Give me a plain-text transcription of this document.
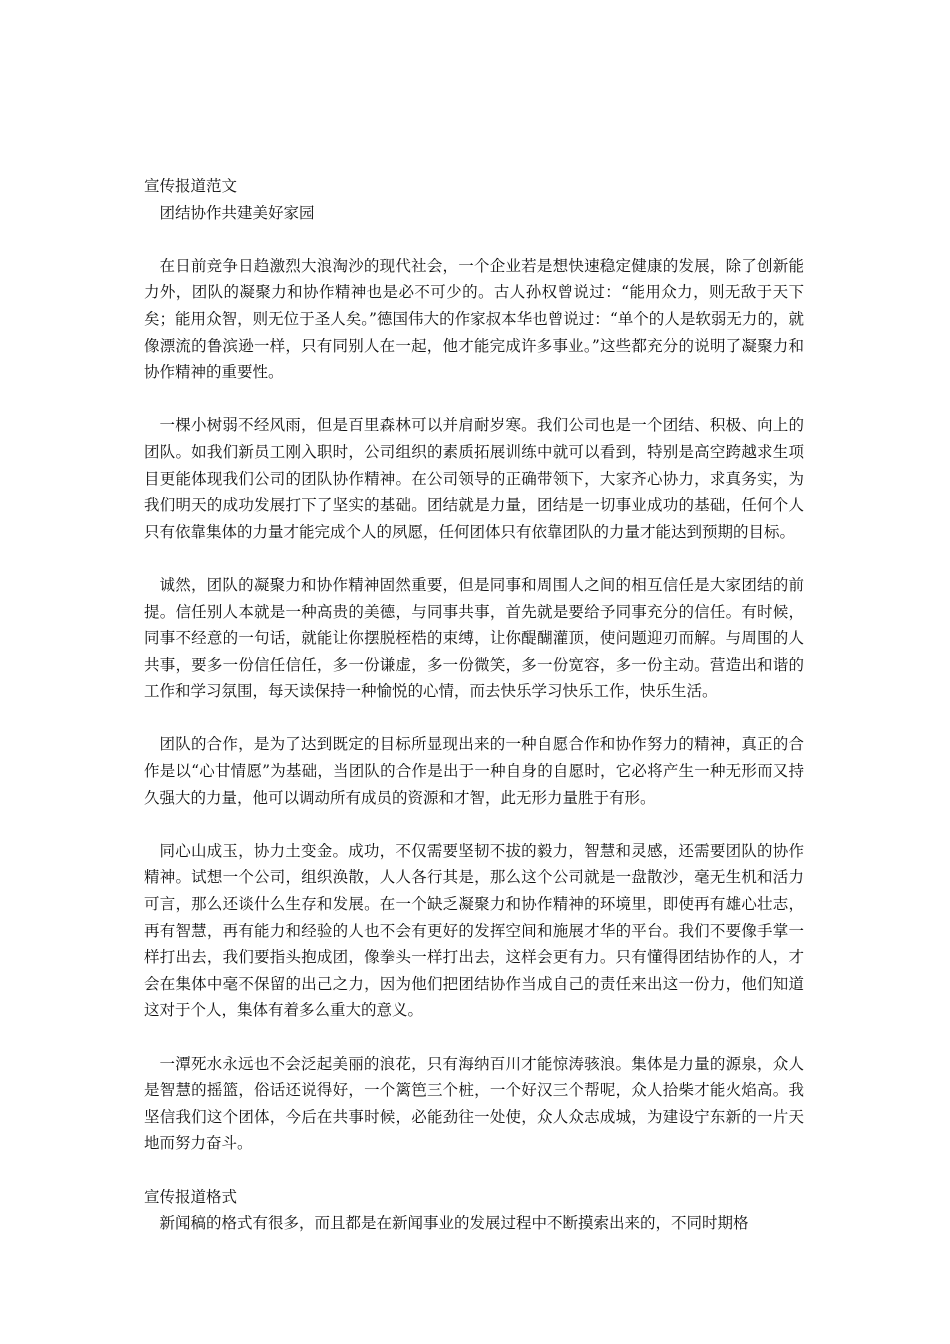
宣传报道范文
团结协作共建美好家园

在日前竞争日趋激烈大浪淘沙的现代社会，一个企业若是想快速稳定健康的发展，除了创新能力外，团队的凝聚力和协作精神也是必不可少的。古人孙权曾说过：“能用众力，则无敌于天下矣；能用众智，则无位于圣人矣。”德国伟大的作家叔本华也曾说过：“单个的人是软弱无力的，就像漂流的鲁滨逊一样，只有同别人在一起，他才能完成许多事业。”这些都充分的说明了凝聚力和协作精神的重要性。

一棵小树弱不经风雨，但是百里森林可以并肩耐岁寒。我们公司也是一个团结、积极、向上的团队。如我们新员工刚入职时，公司组织的素质拓展训练中就可以看到，特别是高空跨越求生项目更能体现我们公司的团队协作精神。在公司领导的正确带领下，大家齐心协力，求真务实，为我们明天的成功发展打下了坚实的基础。团结就是力量，团结是一切事业成功的基础，任何个人只有依靠集体的力量才能完成个人的夙愿，任何团体只有依靠团队的力量才能达到预期的目标。

诚然，团队的凝聚力和协作精神固然重要，但是同事和周围人之间的相互信任是大家团结的前提。信任别人本就是一种高贵的美德，与同事共事，首先就是要给予同事充分的信任。有时候，同事不经意的一句话，就能让你摆脱桎梏的束缚，让你醍醐灌顶，使问题迎刃而解。与周围的人共事，要多一份信任信任，多一份谦虚，多一份微笑，多一份宽容，多一份主动。营造出和谐的工作和学习氛围，每天读保持一种愉悦的心情，而去快乐学习快乐工作，快乐生活。

团队的合作，是为了达到既定的目标所显现出来的一种自愿合作和协作努力的精神，真正的合作是以“心甘情愿”为基础，当团队的合作是出于一种自身的自愿时，它必将产生一种无形而又持久强大的力量，他可以调动所有成员的资源和才智，此无形力量胜于有形。

同心山成玉，协力土变金。成功，不仅需要坚韧不拔的毅力，智慧和灵感，还需要团队的协作精神。试想一个公司，组织涣散，人人各行其是，那么这个公司就是一盘散沙，毫无生机和活力可言，那么还谈什么生存和发展。在一个缺乏凝聚力和协作精神的环境里，即使再有雄心壮志，再有智慧，再有能力和经验的人也不会有更好的发挥空间和施展才华的平台。我们不要像手掌一样打出去，我们要指头抱成团，像拳头一样打出去，这样会更有力。只有懂得团结协作的人，才会在集体中毫不保留的出己之力，因为他们把团结协作当成自己的责任来出这一份力，他们知道这对于个人，集体有着多么重大的意义。

一潭死水永远也不会泛起美丽的浪花，只有海纳百川才能惊涛骇浪。集体是力量的源泉，众人是智慧的摇篮，俗话还说得好，一个篱笆三个桩，一个好汉三个帮呢，众人拾柴才能火焰高。我坚信我们这个团体，今后在共事时候，必能劲往一处使，众人众志成城，为建设宁东新的一片天地而努力奋斗。

宣传报道格式

新闻稿的格式有很多，而且都是在新闻事业的发展过程中不断摸索出来的，不同时期格
